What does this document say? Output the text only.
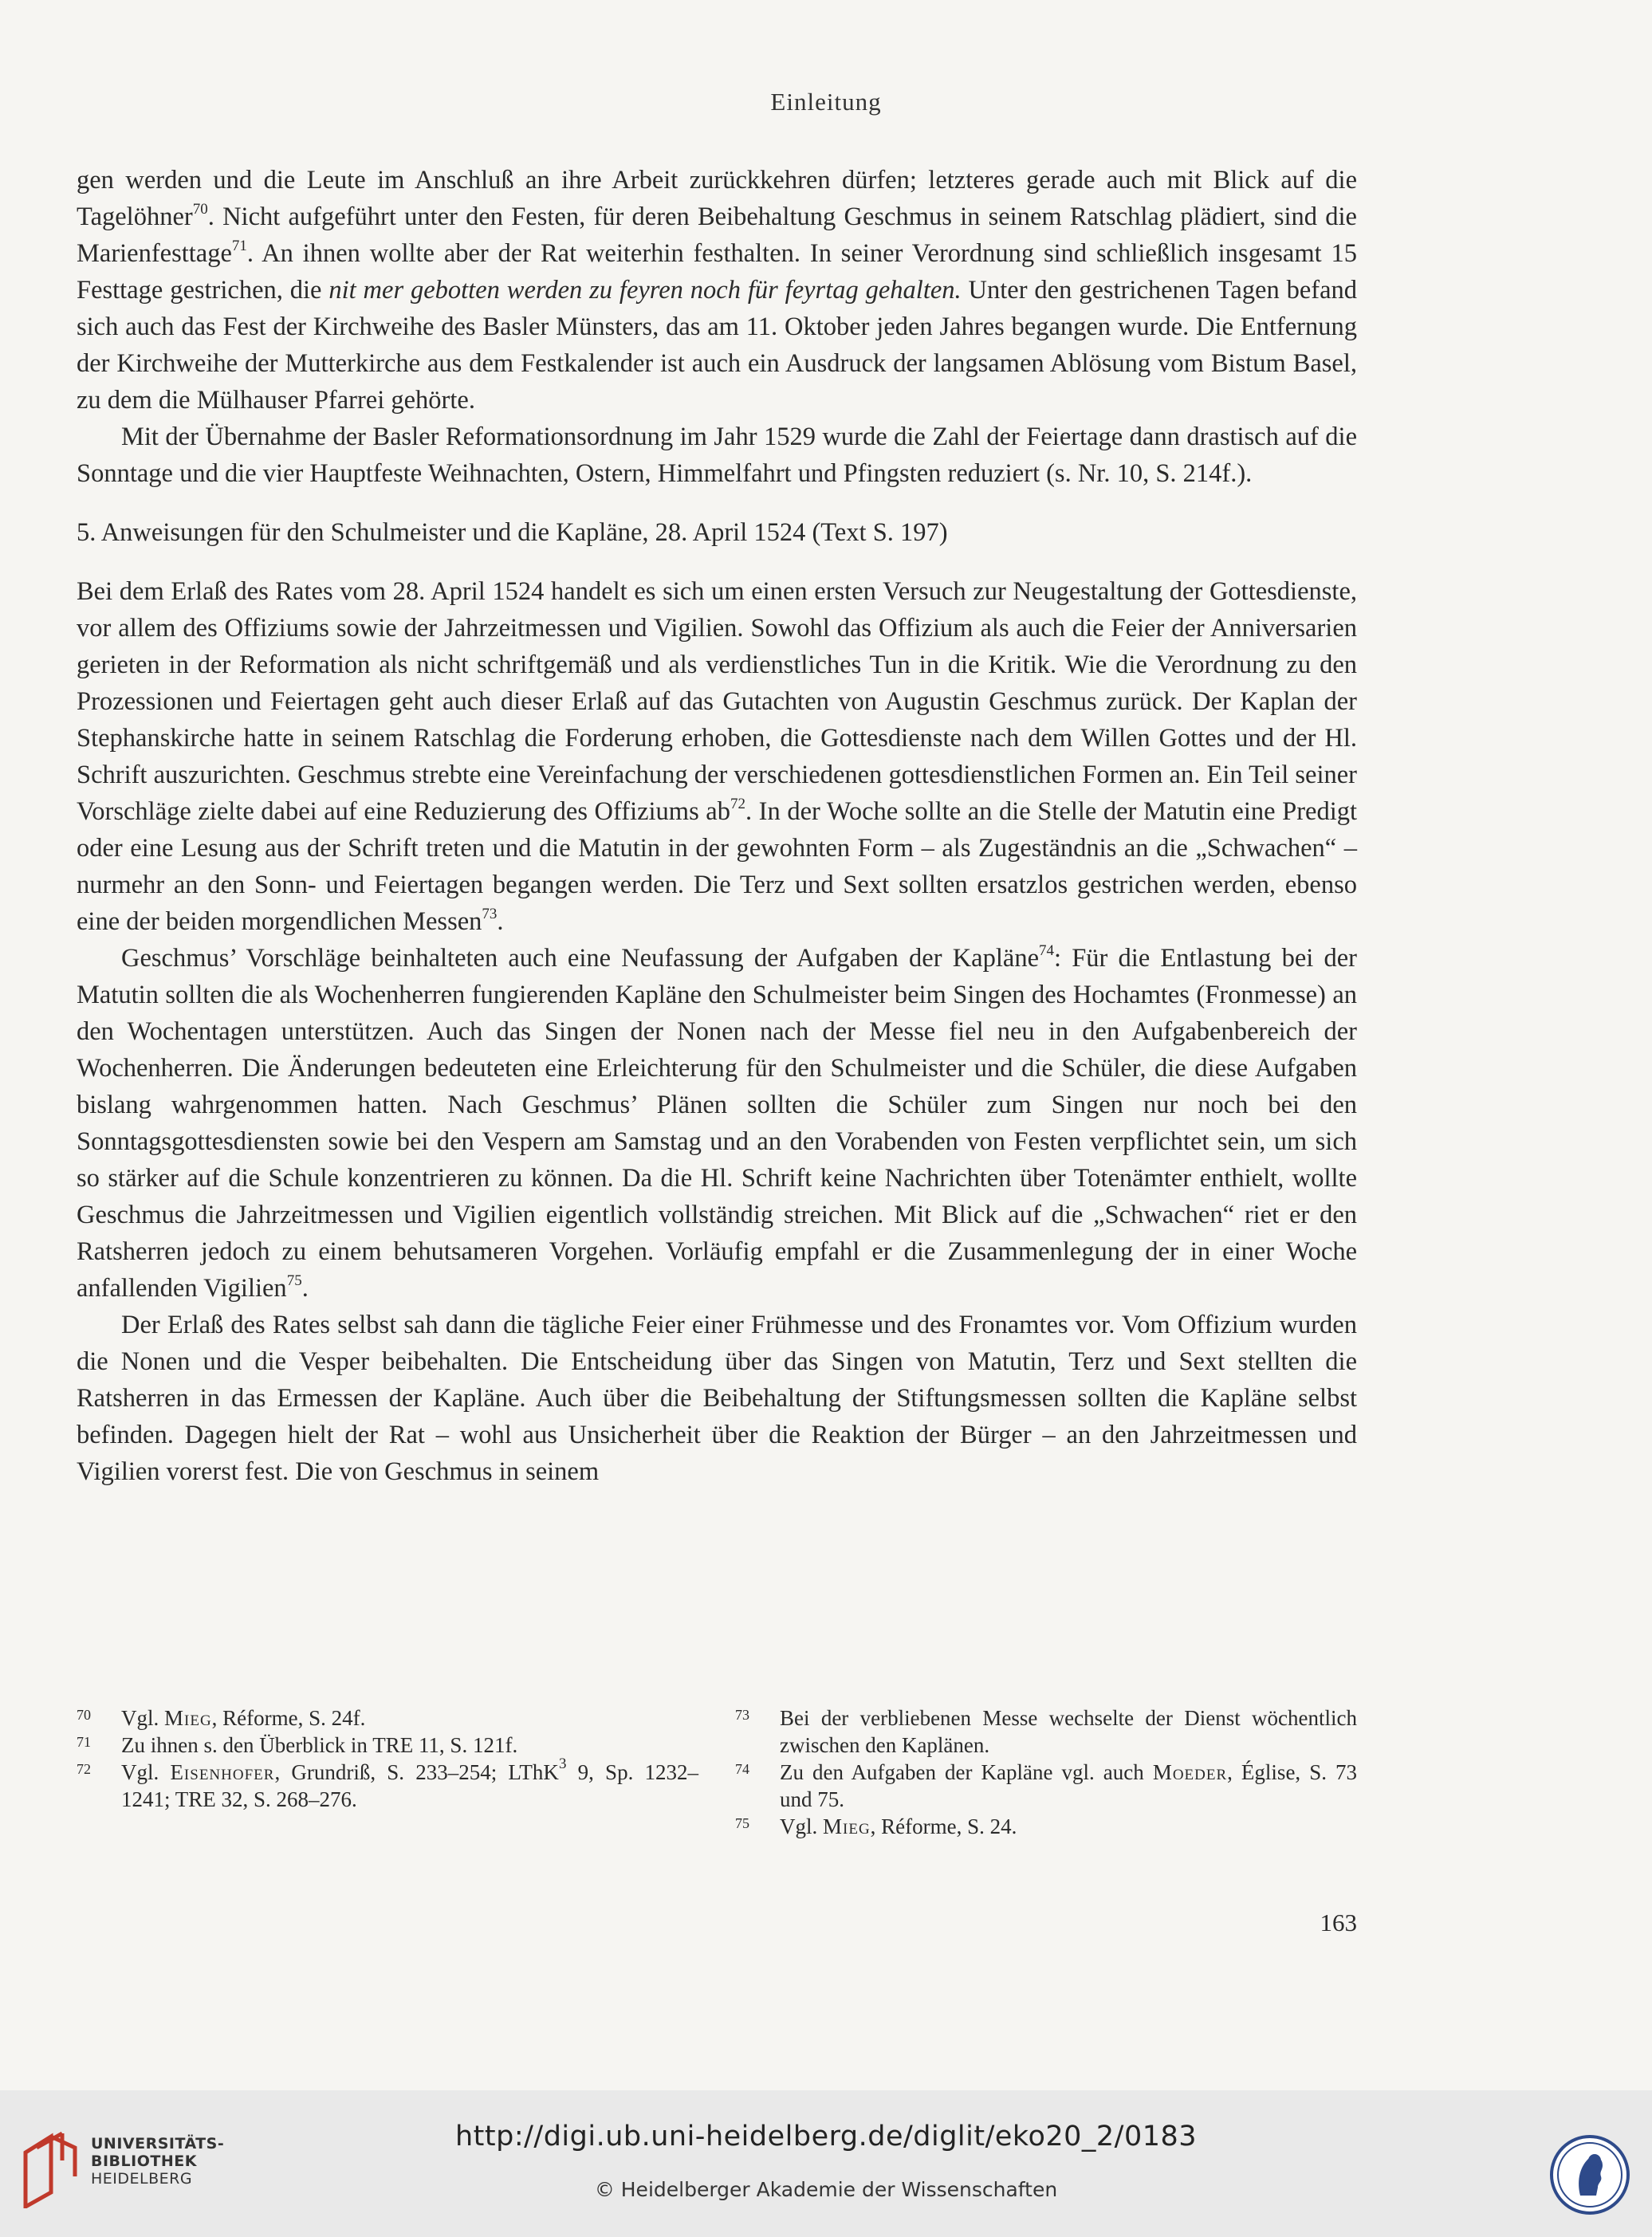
Einleitung

gen werden und die Leute im Anschluß an ihre Arbeit zurückkehren dürfen; letzteres gerade auch mit Blick auf die Tagelöhner$^{70}$. Nicht aufgeführt unter den Festen, für deren Beibehaltung Geschmus in seinem Ratschlag plädiert, sind die Marienfesttage$^{71}$. An ihnen wollte aber der Rat weiterhin festhalten. In seiner Verordnung sind schließlich insgesamt 15 Festtage gestrichen, die nit mer gebotten werden zu feyren noch für feyrtag gehalten. Unter den gestrichenen Tagen befand sich auch das Fest der Kirchweihe des Basler Münsters, das am 11. Oktober jeden Jahres begangen wurde. Die Entfernung der Kirchweihe der Mutterkirche aus dem Festkalender ist auch ein Ausdruck der langsamen Ablösung vom Bistum Basel, zu dem die Mülhauser Pfarrei gehörte.

Mit der Übernahme der Basler Reformationsordnung im Jahr 1529 wurde die Zahl der Feiertage dann drastisch auf die Sonntage und die vier Hauptfeste Weihnachten, Ostern, Himmelfahrt und Pfingsten reduziert (s. Nr. 10, S. 214f.).

5. Anweisungen für den Schulmeister und die Kapläne, 28. April 1524 (Text S. 197)

Bei dem Erlaß des Rates vom 28. April 1524 handelt es sich um einen ersten Versuch zur Neugestaltung der Gottesdienste, vor allem des Offiziums sowie der Jahrzeitmessen und Vigilien. Sowohl das Offizium als auch die Feier der Anniversarien gerieten in der Reformation als nicht schriftgemäß und als verdienstliches Tun in die Kritik. Wie die Verordnung zu den Prozessionen und Feiertagen geht auch dieser Erlaß auf das Gutachten von Augustin Geschmus zurück. Der Kaplan der Stephanskirche hatte in seinem Ratschlag die Forderung erhoben, die Gottesdienste nach dem Willen Gottes und der Hl. Schrift auszurichten. Geschmus strebte eine Vereinfachung der verschiedenen gottesdienstlichen Formen an. Ein Teil seiner Vorschläge zielte dabei auf eine Reduzierung des Offiziums $ab^{72}$. In der Woche sollte an die Stelle der Matutin eine Predigt oder eine Lesung aus der Schrift treten und die Matutin in der gewohnten Form – als Zugeständnis an die „Schwachen“ – nurmehr an den Sonn- und Feiertagen begangen werden. Die Terz und Sext sollten ersatzlos gestrichen werden, ebenso eine der beiden morgendlichen Messen$^{73}$.

Geschmus’ Vorschläge beinhalteten auch eine Neufassung der Aufgaben der Kapläne$^{74}$: Für die Entlastung bei der Matutin sollten die als Wochenherren fungierenden Kapläne den Schulmeister beim Singen des Hochamtes (Fronmesse) an den Wochentagen unterstützen. Auch das Singen der Nonen nach der Messe fiel neu in den Aufgabenbereich der Wochenherren. Die Änderungen bedeuteten eine Erleichterung für den Schulmeister und die Schüler, die diese Aufgaben bislang wahrgenommen hatten. Nach Geschmus’ Plänen sollten die Schüler zum Singen nur noch bei den Sonntagsgottesdiensten sowie bei den Vespern am Samstag und an den Vorabenden von Festen verpflichtet sein, um sich so stärker auf die Schule konzentrieren zu können. Da die Hl. Schrift keine Nachrichten über Totenämter enthielt, wollte Geschmus die Jahrzeitmessen und Vigilien eigentlich vollständig streichen. Mit Blick auf die „Schwachen“ riet er den Ratsherren jedoch zu einem behutsameren Vorgehen. Vorläufig empfahl er die Zusammenlegung der in einer Woche anfallenden Vigilien$^{75}$.

Der Erlaß des Rates selbst sah dann die tägliche Feier einer Frühmesse und des Fronamtes vor. Vom Offizium wurden die Nonen und die Vesper beibehalten. Die Entscheidung über das Singen von Matutin, Terz und Sext stellten die Ratsherren in das Ermessen der Kapläne. Auch über die Beibehaltung der Stiftungsmessen sollten die Kapläne selbst befinden. Dagegen hielt der Rat – wohl aus Unsicherheit über die Reaktion der Bürger – an den Jahrzeitmessen und Vigilien vorerst fest. Die von Geschmus in seinem

70	Vgl. Mieg, Réforme, S. 24f.
71	Zu ihnen s. den Überblick in TRE 11, S. 121f.
72	Vgl. Eisenhofer, Grundriß, S. 233–254; LThK$^3$ 9, Sp. 1232–1241; TRE 32, S. 268–276.
73	Bei der verbliebenen Messe wechselte der Dienst wöchentlich zwischen den Kaplänen.
74	Zu den Aufgaben der Kapläne vgl. auch Moeder, Église, S. 73 und 75.
75	Vgl. Mieg, Réforme, S. 24.
163
UNIVERSITÄTS-
BIBLIOTHEK
HEIDELBERG
http://digi.ub.uni-heidelberg.de/diglit/eko20_2/0183
© Heidelberger Akademie der Wissenschaften
